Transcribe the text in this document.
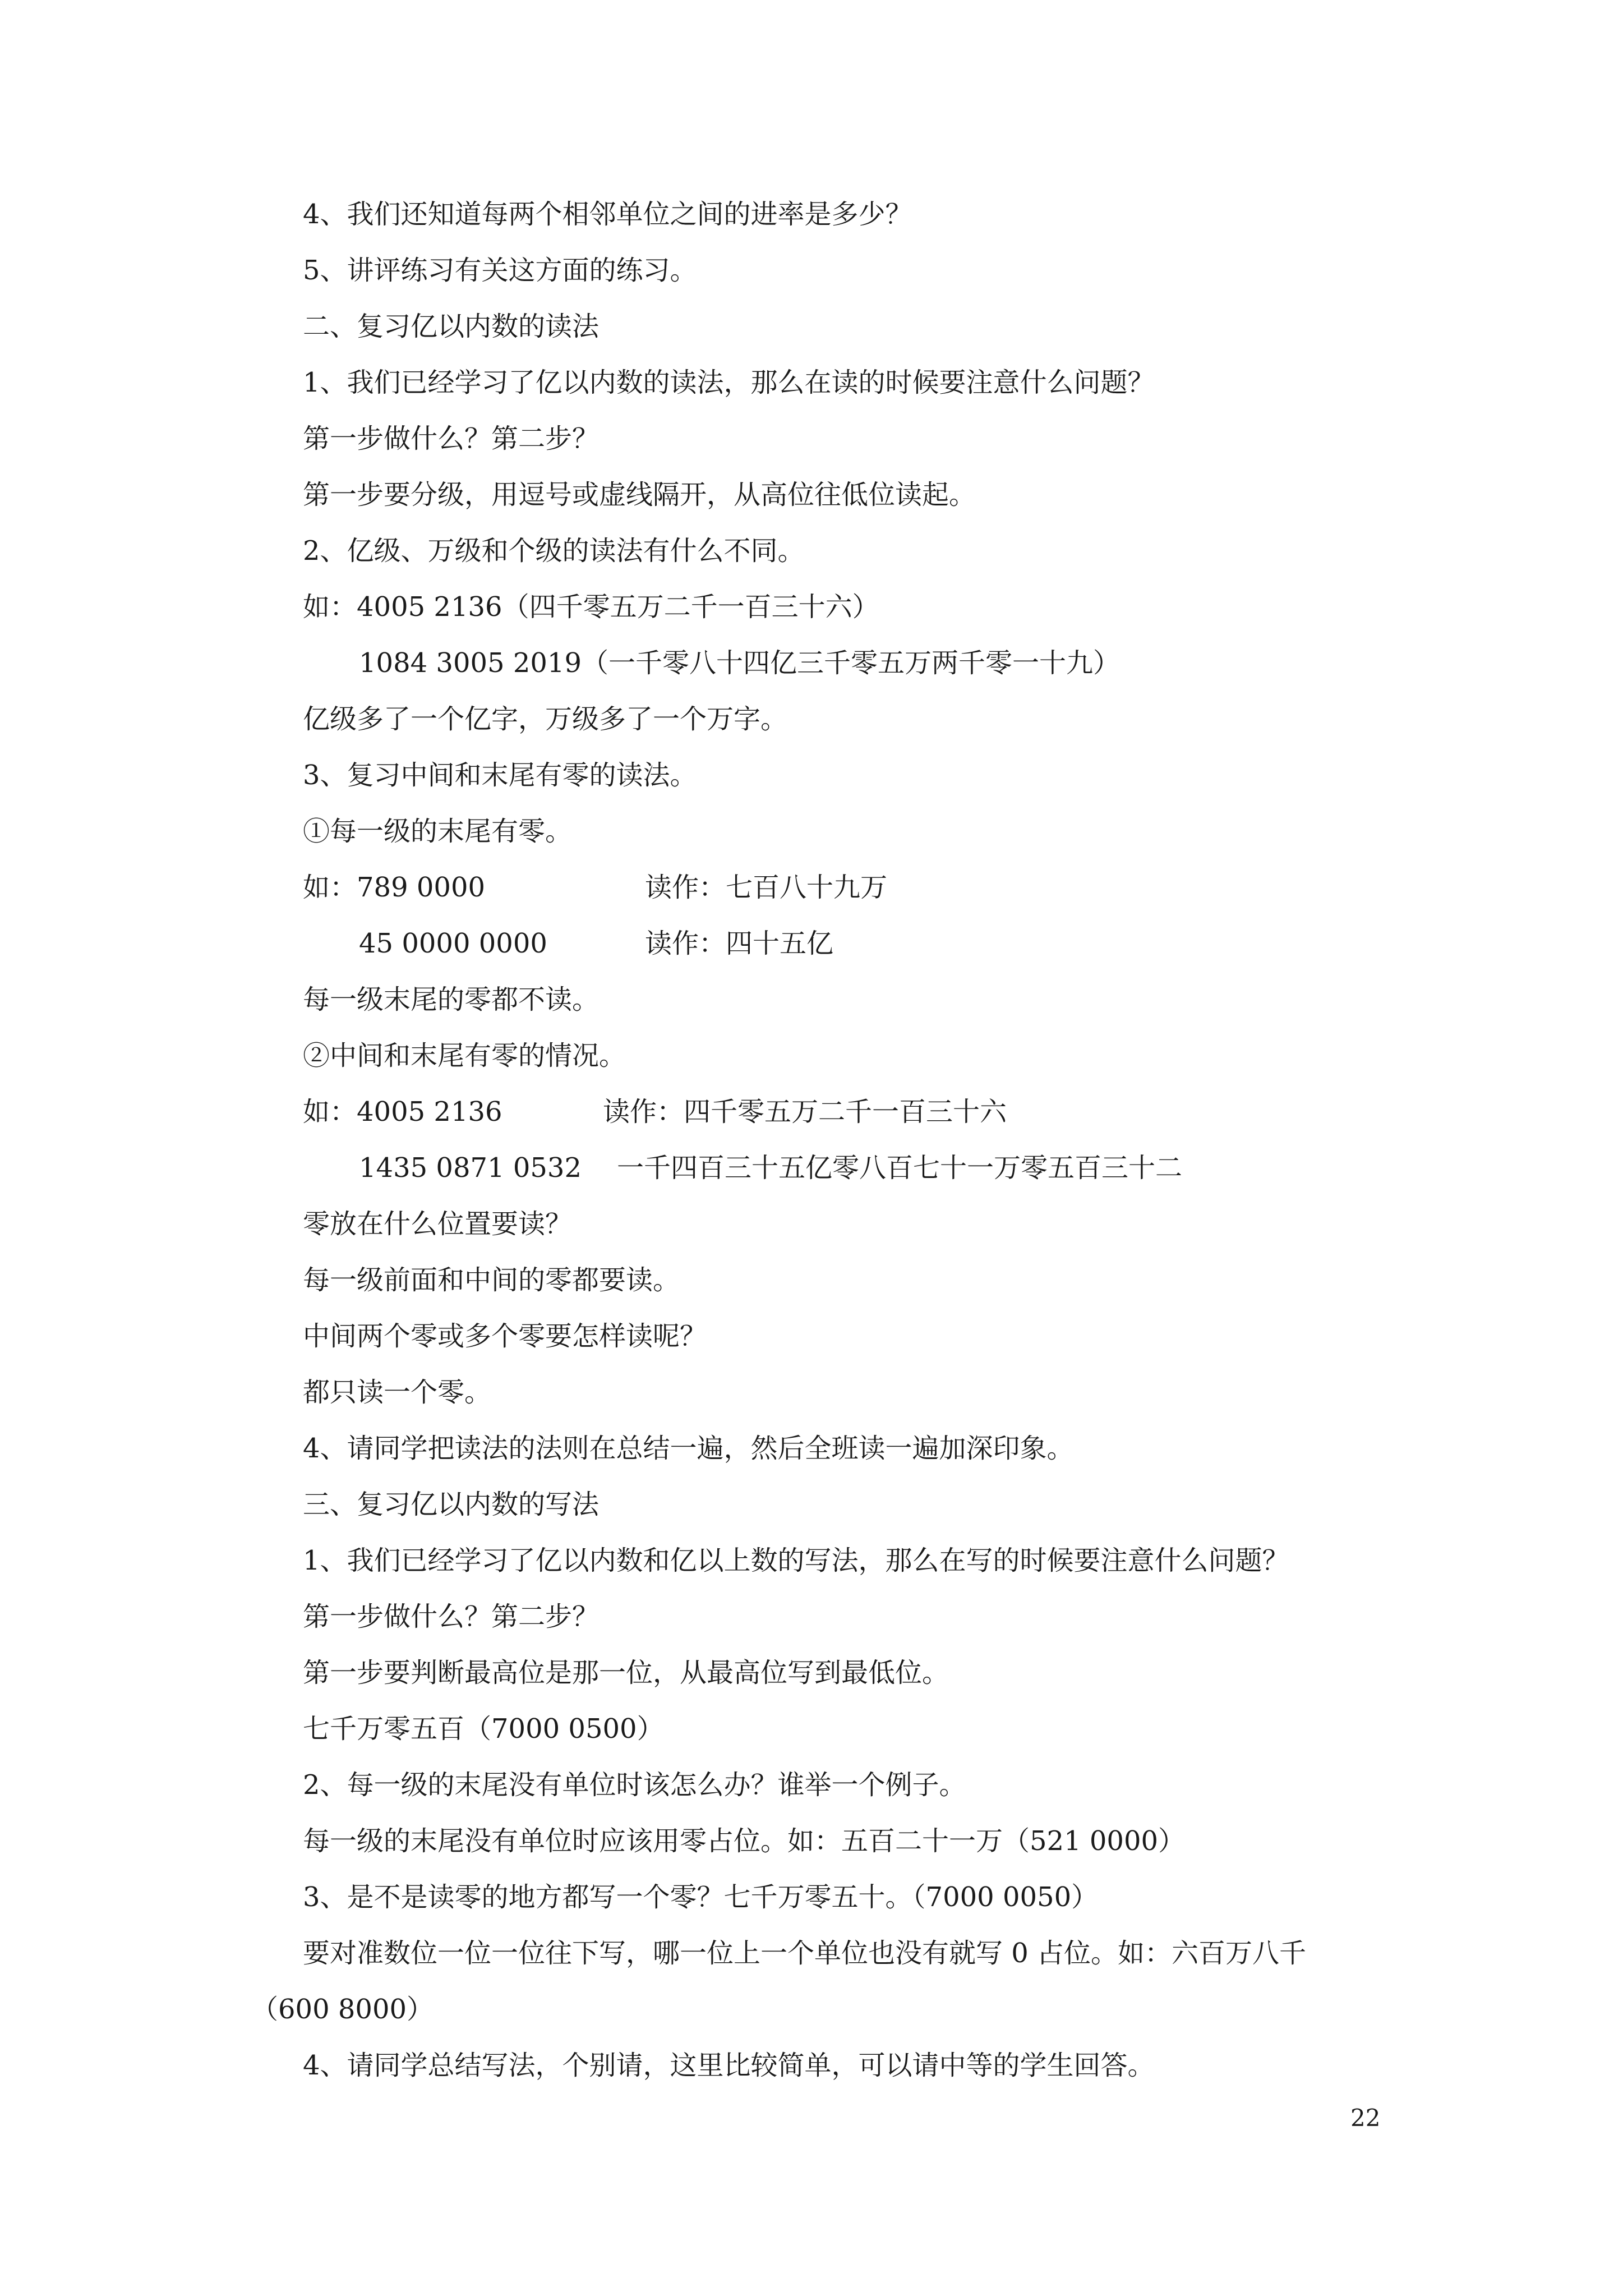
4、我们还知道每两个相邻单位之间的进率是多少？
5、讲评练习有关这方面的练习。
二、复习亿以内数的读法
1、我们已经学习了亿以内数的读法，那么在读的时候要注意什么问题？
第一步做什么？第二步？
第一步要分级，用逗号或虚线隔开，从高位往低位读起。
2、亿级、万级和个级的读法有什么不同。
如：4005 2136（四千零五万二千一百三十六）
1084 3005 2019（一千零八十四亿三千零五万两千零一十九）
亿级多了一个亿字，万级多了一个万字。
3、复习中间和末尾有零的读法。
①每一级的末尾有零。
如：789 0000	读作：七百八十九万
45 0000 0000	读作：四十五亿
每一级末尾的零都不读。
②中间和末尾有零的情况。
如：4005 2136	读作：四千零五万二千一百三十六
1435 0871 0532 一千四百三十五亿零八百七十一万零五百三十二
零放在什么位置要读？
每一级前面和中间的零都要读。
中间两个零或多个零要怎样读呢？
都只读一个零。
4、请同学把读法的法则在总结一遍，然后全班读一遍加深印象。
三、复习亿以内数的写法
1、我们已经学习了亿以内数和亿以上数的写法，那么在写的时候要注意什么问题？
第一步做什么？第二步？
第一步要判断最高位是那一位，从最高位写到最低位。
七千万零五百（7000 0500）
2、每一级的末尾没有单位时该怎么办？谁举一个例子。
每一级的末尾没有单位时应该用零占位。如：五百二十一万（521 0000）
3、是不是读零的地方都写一个零？七千万零五十。（7000 0050）
要对准数位一位一位往下写，哪一位上一个单位也没有就写 0 占位。如：六百万八千
（600 8000）
4、请同学总结写法，个别请，这里比较简单，可以请中等的学生回答。
22
